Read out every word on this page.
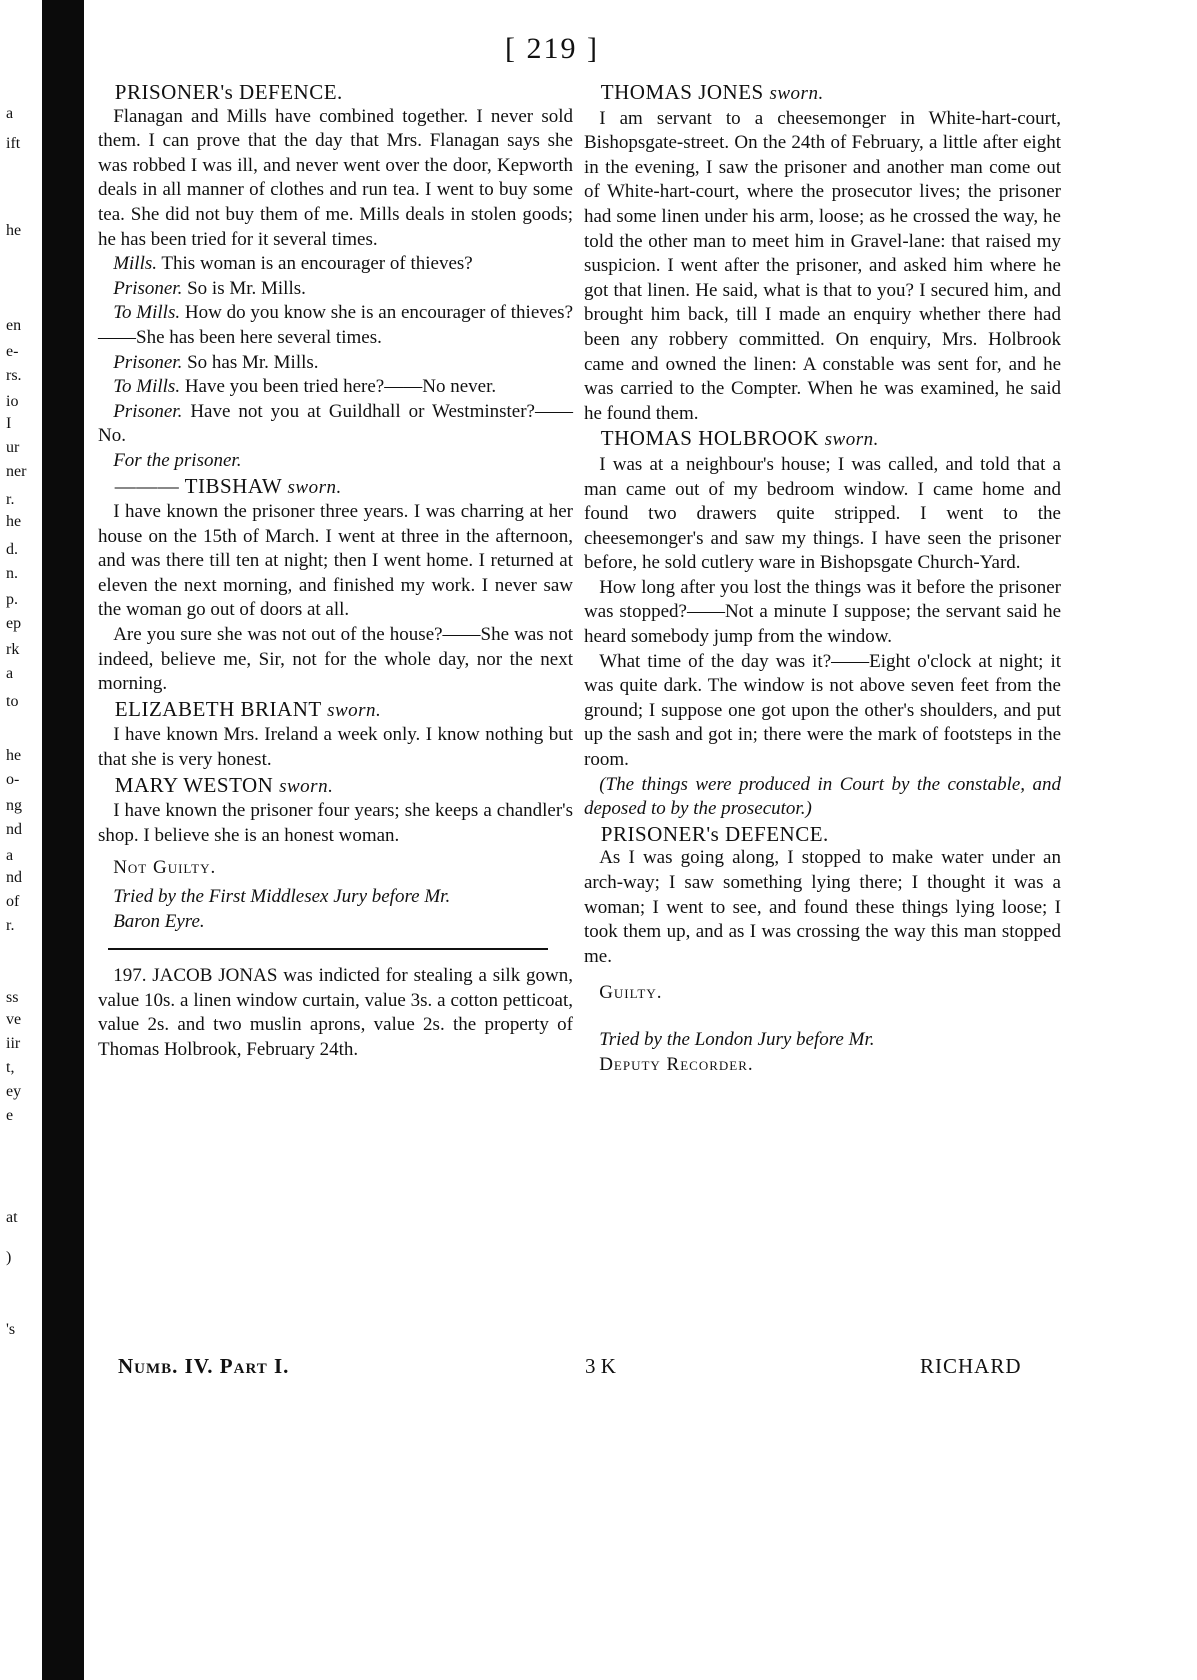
a
ift
he
en
e-
rs.
io
I
ur
ner
r.
he
d.
n.
p.
ep
rk
a
to
he
o-
ng
nd
a
nd
of
r.
ss
ve
iir
t,
ey
e
at
)
's
[ 219 ]

PRISONER's DEFENCE.

Flanagan and Mills have combined together. I never sold them. I can prove that the day that Mrs. Flanagan says she was robbed I was ill, and never went over the door, Kepworth deals in all manner of clothes and run tea. I went to buy some tea. She did not buy them of me. Mills deals in stolen goods; he has been tried for it several times.

Mills. This woman is an encourager of thieves?

Prisoner. So is Mr. Mills.

To Mills. How do you know she is an encourager of thieves?——She has been here several times.

Prisoner. So has Mr. Mills.

To Mills. Have you been tried here?——No never.

Prisoner. Have not you at Guildhall or Westminster?——No.

For the prisoner.

——— TIBSHAW sworn.

I have known the prisoner three years. I was charring at her house on the 15th of March. I went at three in the afternoon, and was there till ten at night; then I went home. I returned at eleven the next morning, and finished my work. I never saw the woman go out of doors at all.

Are you sure she was not out of the house?——She was not indeed, believe me, Sir, not for the whole day, nor the next morning.

ELIZABETH BRIANT sworn.

I have known Mrs. Ireland a week only. I know nothing but that she is very honest.

MARY WESTON sworn.

I have known the prisoner four years; she keeps a chandler's shop. I believe she is an honest woman.

Not Guilty.

Tried by the First Middlesex Jury before Mr.

Baron Eyre.

197. JACOB JONAS was indicted for stealing a silk gown, value 10s. a linen window curtain, value 3s. a cotton petticoat, value 2s. and two muslin aprons, value 2s. the property of Thomas Holbrook, February 24th.

THOMAS JONES sworn.

I am servant to a cheesemonger in White-hart-court, Bishopsgate-street. On the 24th of February, a little after eight in the evening, I saw the prisoner and another man come out of White-hart-court, where the prosecutor lives; the prisoner had some linen under his arm, loose; as he crossed the way, he told the other man to meet him in Gravel-lane: that raised my suspicion. I went after the prisoner, and asked him where he got that linen. He said, what is that to you? I secured him, and brought him back, till I made an enquiry whether there had been any robbery committed. On enquiry, Mrs. Holbrook came and owned the linen: A constable was sent for, and he was carried to the Compter. When he was examined, he said he found them.

THOMAS HOLBROOK sworn.

I was at a neighbour's house; I was called, and told that a man came out of my bedroom window. I came home and found two drawers quite stripped. I went to the cheesemonger's and saw my things. I have seen the prisoner before, he sold cutlery ware in Bishopsgate Church-Yard.

How long after you lost the things was it before the prisoner was stopped?——Not a minute I suppose; the servant said he heard somebody jump from the window.

What time of the day was it?——Eight o'clock at night; it was quite dark. The window is not above seven feet from the ground; I suppose one got upon the other's shoulders, and put up the sash and got in; there were the mark of footsteps in the room.

(The things were produced in Court by the constable, and deposed to by the prosecutor.)

PRISONER's DEFENCE.

As I was going along, I stopped to make water under an arch-way; I saw something lying there; I thought it was a woman; I went to see, and found these things lying loose; I took them up, and as I was crossing the way this man stopped me.

Guilty.

Tried by the London Jury before Mr.

Deputy Recorder.

Numb. IV. Part I.	3 K	RICHARD
